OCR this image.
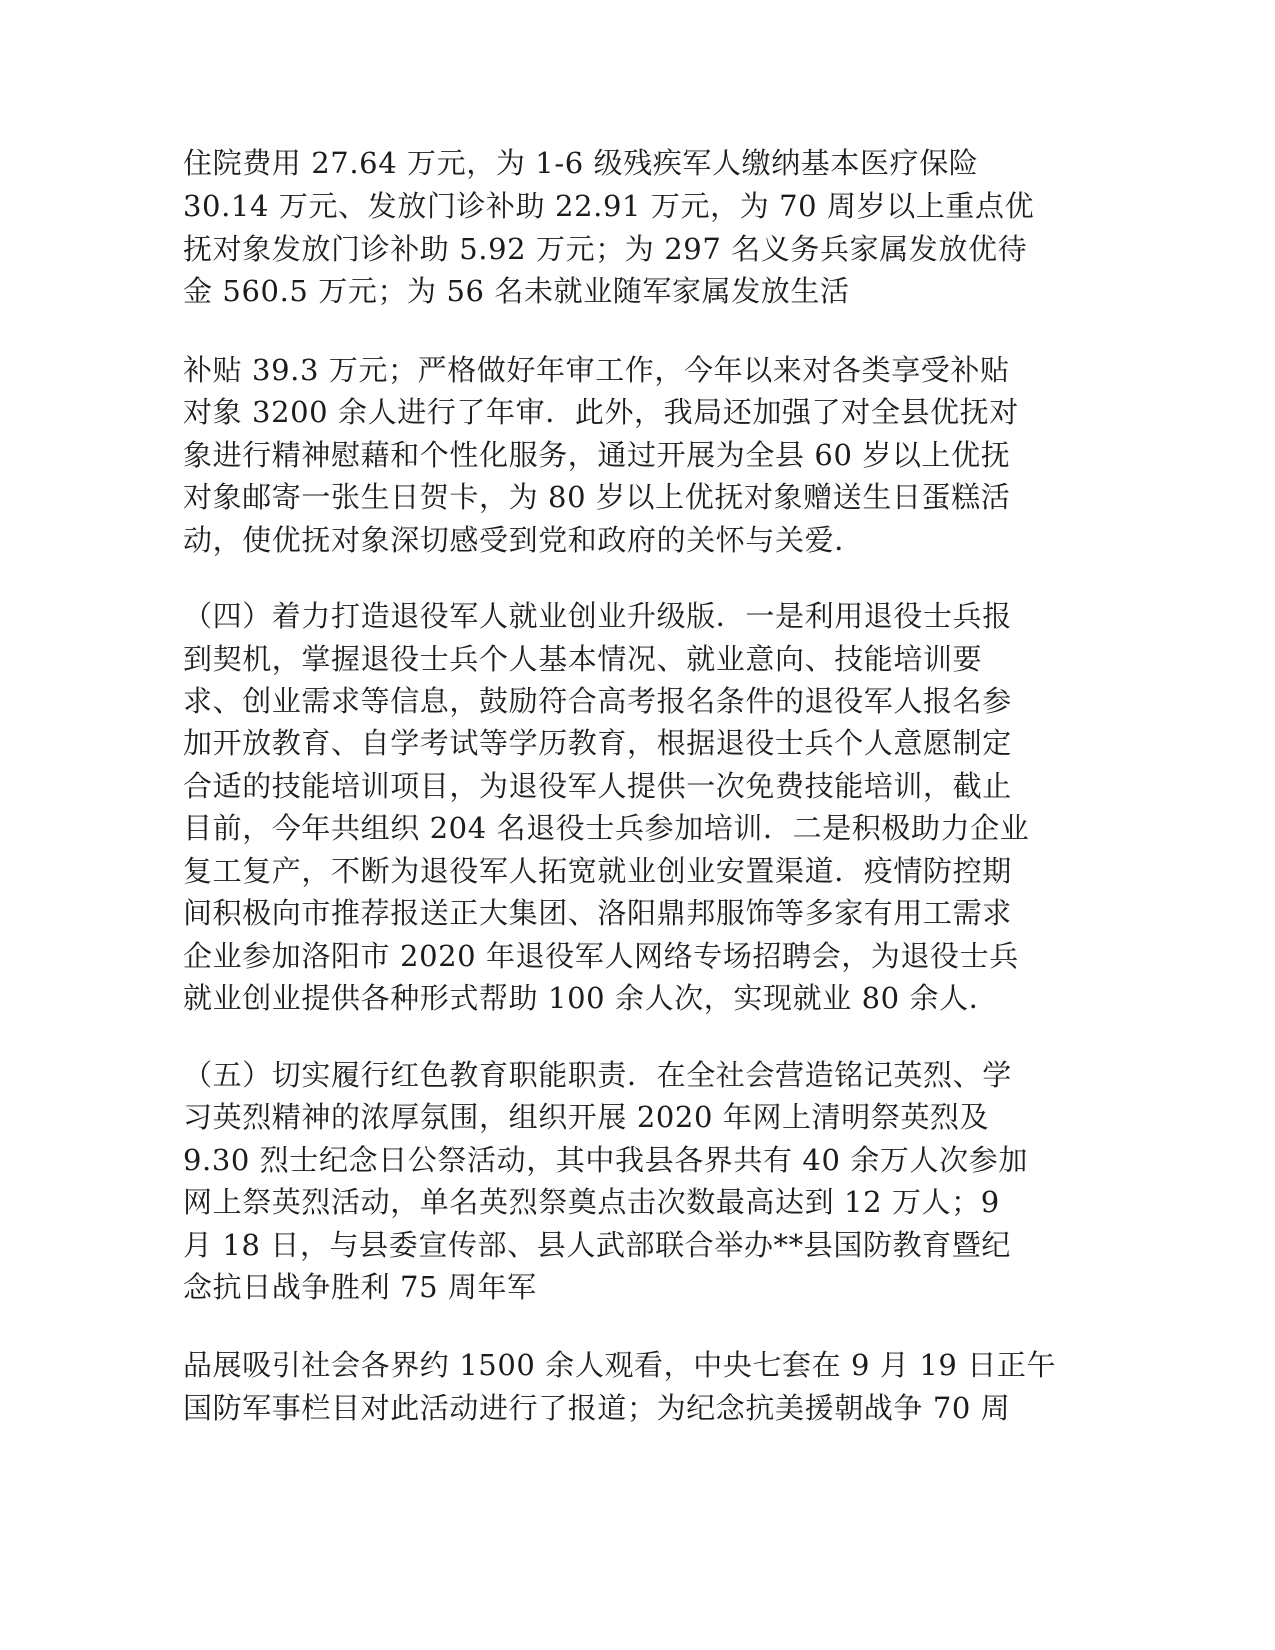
住院费用 27.64 万元，为 1-6 级残疾军人缴纳基本医疗保险
30.14 万元、发放门诊补助 22.91 万元，为 70 周岁以上重点优
抚对象发放门诊补助 5.92 万元；为 297 名义务兵家属发放优待
金 560.5 万元；为 56 名未就业随军家属发放生活
补贴 39.3 万元；严格做好年审工作，今年以来对各类享受补贴
对象 3200 余人进行了年审．此外，我局还加强了对全县优抚对
象进行精神慰藉和个性化服务，通过开展为全县 60 岁以上优抚
对象邮寄一张生日贺卡，为 80 岁以上优抚对象赠送生日蛋糕活
动，使优抚对象深切感受到党和政府的关怀与关爱．
（四）着力打造退役军人就业创业升级版．一是利用退役士兵报
到契机，掌握退役士兵个人基本情况、就业意向、技能培训要
求、创业需求等信息，鼓励符合高考报名条件的退役军人报名参
加开放教育、自学考试等学历教育，根据退役士兵个人意愿制定
合适的技能培训项目，为退役军人提供一次免费技能培训，截止
目前，今年共组织 204 名退役士兵参加培训．二是积极助力企业
复工复产，不断为退役军人拓宽就业创业安置渠道．疫情防控期
间积极向市推荐报送正大集团、洛阳鼎邦服饰等多家有用工需求
企业参加洛阳市 2020 年退役军人网络专场招聘会，为退役士兵
就业创业提供各种形式帮助 100 余人次，实现就业 80 余人．
（五）切实履行红色教育职能职责．在全社会营造铭记英烈、学
习英烈精神的浓厚氛围，组织开展 2020 年网上清明祭英烈及
9.30 烈士纪念日公祭活动，其中我县各界共有 40 余万人次参加
网上祭英烈活动，单名英烈祭奠点击次数最高达到 12 万人；9
月 18 日，与县委宣传部、县人武部联合举办**县国防教育暨纪
念抗日战争胜利 75 周年军
品展吸引社会各界约 1500 余人观看，中央七套在 9 月 19 日正午
国防军事栏目对此活动进行了报道；为纪念抗美援朝战争 70 周
